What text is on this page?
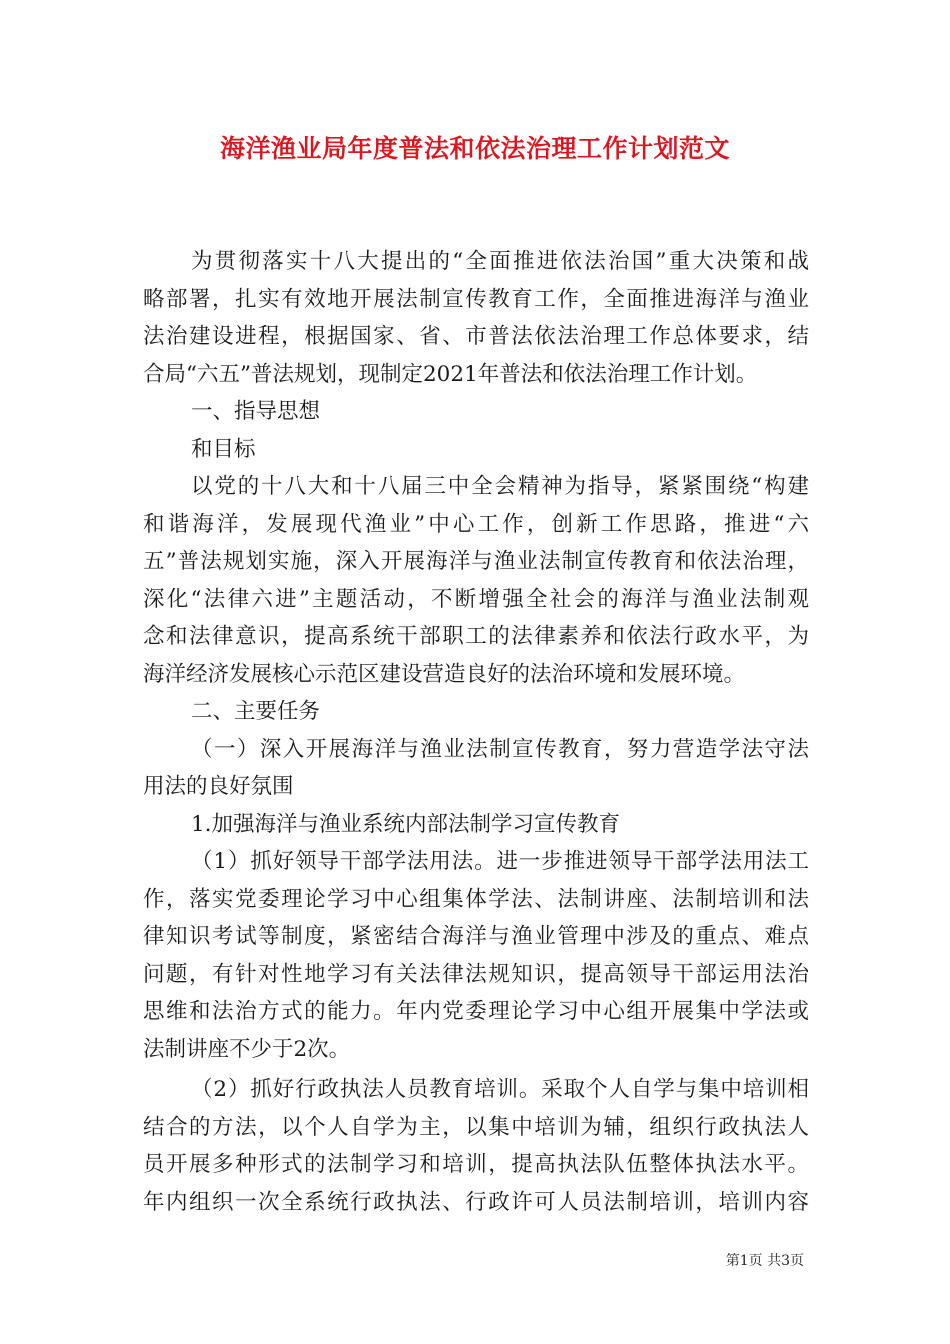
海洋渔业局年度普法和依法治理工作计划范文
为贯彻落实十八大提出的“全面推进依法治国”重大决策和战
略部署，扎实有效地开展法制宣传教育工作，全面推进海洋与渔业
法治建设进程，根据国家、省、市普法依法治理工作总体要求，结
合局“六五”普法规划，现制定2021年普法和依法治理工作计划。
一、指导思想
和目标
以党的十八大和十八届三中全会精神为指导，紧紧围绕“构建
和谐海洋，发展现代渔业”中心工作，创新工作思路，推进“六
五”普法规划实施，深入开展海洋与渔业法制宣传教育和依法治理，
深化“法律六进”主题活动，不断增强全社会的海洋与渔业法制观
念和法律意识，提高系统干部职工的法律素养和依法行政水平，为
海洋经济发展核心示范区建设营造良好的法治环境和发展环境。
二、主要任务
（一）深入开展海洋与渔业法制宣传教育，努力营造学法守法
用法的良好氛围
1.加强海洋与渔业系统内部法制学习宣传教育
（1）抓好领导干部学法用法。进一步推进领导干部学法用法工
作，落实党委理论学习中心组集体学法、法制讲座、法制培训和法
律知识考试等制度，紧密结合海洋与渔业管理中涉及的重点、难点
问题，有针对性地学习有关法律法规知识，提高领导干部运用法治
思维和法治方式的能力。年内党委理论学习中心组开展集中学法或
法制讲座不少于2次。
（2）抓好行政执法人员教育培训。采取个人自学与集中培训相
结合的方法，以个人自学为主，以集中培训为辅，组织行政执法人
员开展多种形式的法制学习和培训，提高执法队伍整体执法水平。
年内组织一次全系统行政执法、行政许可人员法制培训，培训内容
第1页 共3页
